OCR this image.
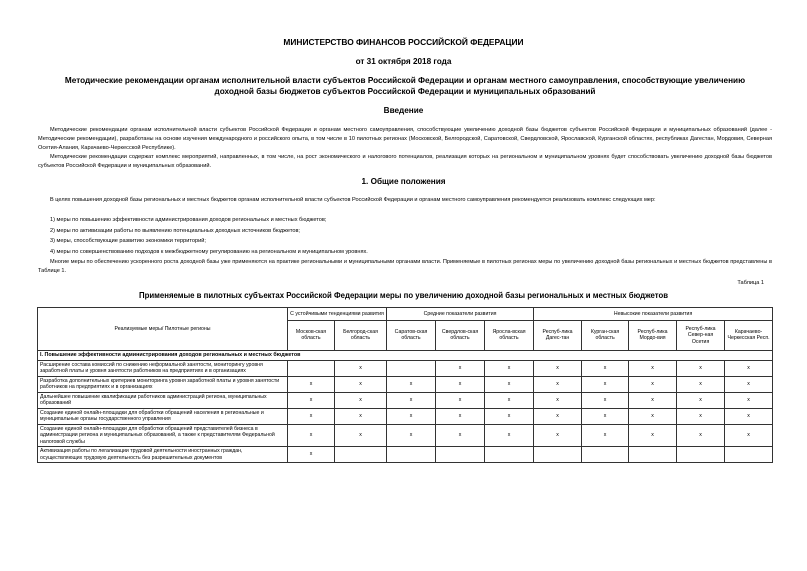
МИНИСТЕРСТВО ФИНАНСОВ РОССИЙСКОЙ ФЕДЕРАЦИИ
от 31 октября 2018 года
Методические рекомендации органам исполнительной власти субъектов Российской Федерации и органам местного самоуправления, способствующие увеличению доходной базы бюджетов субъектов Российской Федерации и муниципальных образований
Введение
Методические рекомендации органам исполнительной власти субъектов Российской Федерации и органам местного самоуправления, способствующие увеличению доходной базы бюджетов субъектов Российской Федерации и муниципальных образований (далее - Методические рекомендации), разработаны на основе изучения международного и российского опыта, в том числе в 10 пилотных регионах (Московской, Белгородской, Саратовской, Свердловской, Ярославской, Курганской областях, республиках Дагестан, Мордовия, Северная Осетия-Алания, Карачаево-Черкесской Республике).
Методические рекомендации содержат комплекс мероприятий, направленных, в том числе, на рост экономического и налогового потенциалов, реализация которых на региональном и муниципальном уровнях будет способствовать увеличению доходной базы бюджетов субъектов Российской Федерации и муниципальных образований.
1. Общие положения
В целях повышения доходной базы региональных и местных бюджетов органам исполнительной власти субъектов Российской Федерации и органам местного самоуправления рекомендуется реализовать комплекс следующих мер:
1) меры по повышению эффективности администрирования доходов региональных и местных бюджетов;
2) меры по активизации работы по выявлению потенциальных доходных источников бюджетов;
3) меры, способствующие развитию экономики территорий;
4) меры по совершенствованию подходов к межбюджетному регулированию на региональном и муниципальном уровнях.
Многие меры по обеспечению ускоренного роста доходной базы уже применяются на практике региональными и муниципальными органами власти. Применяемые в пилотных регионах меры по увеличению доходной базы региональных и местных бюджетов представлены в Таблице 1.
Таблица 1
Применяемые в пилотных субъектах Российской Федерации меры по увеличению доходной базы региональных и местных бюджетов
Реализуемые меры/ Пилотные регионы	С устойчивыми тенденциями развития		Средние показатели развития			Невысокие показатели развития				
	Москов-ская область	Белгород-ская область	Саратов-ская область	Свердлов-ская область	Яросла-вская область	Респуб-лика Дагес-тан	Курган-ская область	Респуб-лика Мордо-вия	Респуб-лика Север-ная Осетия	Карачаево-Черкесская Респ.
I. Повышение эффективности администрирования доходов региональных и местных бюджетов										
Расширение состава комиссий по снижению неформальной занятости, мониторингу уровня заработной платы и уровня занятости работников на предприятиях и в организациях		x		x	x	x	x	x	x	x
Разработка дополнительных критериев мониторинга уровня заработной платы и уровня занятости работников на предприятиях и в организациях	x	x	x	x	x	x	x	x	x	x
Дальнейшее повышение квалификации работников администраций региона, муниципальных образований	x	x	x	x	x	x	x	x	x	x
Создание единой онлайн-площадки для обработки обращений населения в региональные и муниципальные органы государственного управления	x	x	x	x	x	x	x	x	x	x
Создание единой онлайн-площадки для обработки обращений представителей бизнеса в администрации региона и муниципальных образований, а также к представителям Федеральной налоговой службы	x	x	x	x	x	x	x	x	x	x
Активизация работы по легализации трудовой деятельности иностранных граждан, осуществляющих трудовую деятельность без разрешительных документов	x									
